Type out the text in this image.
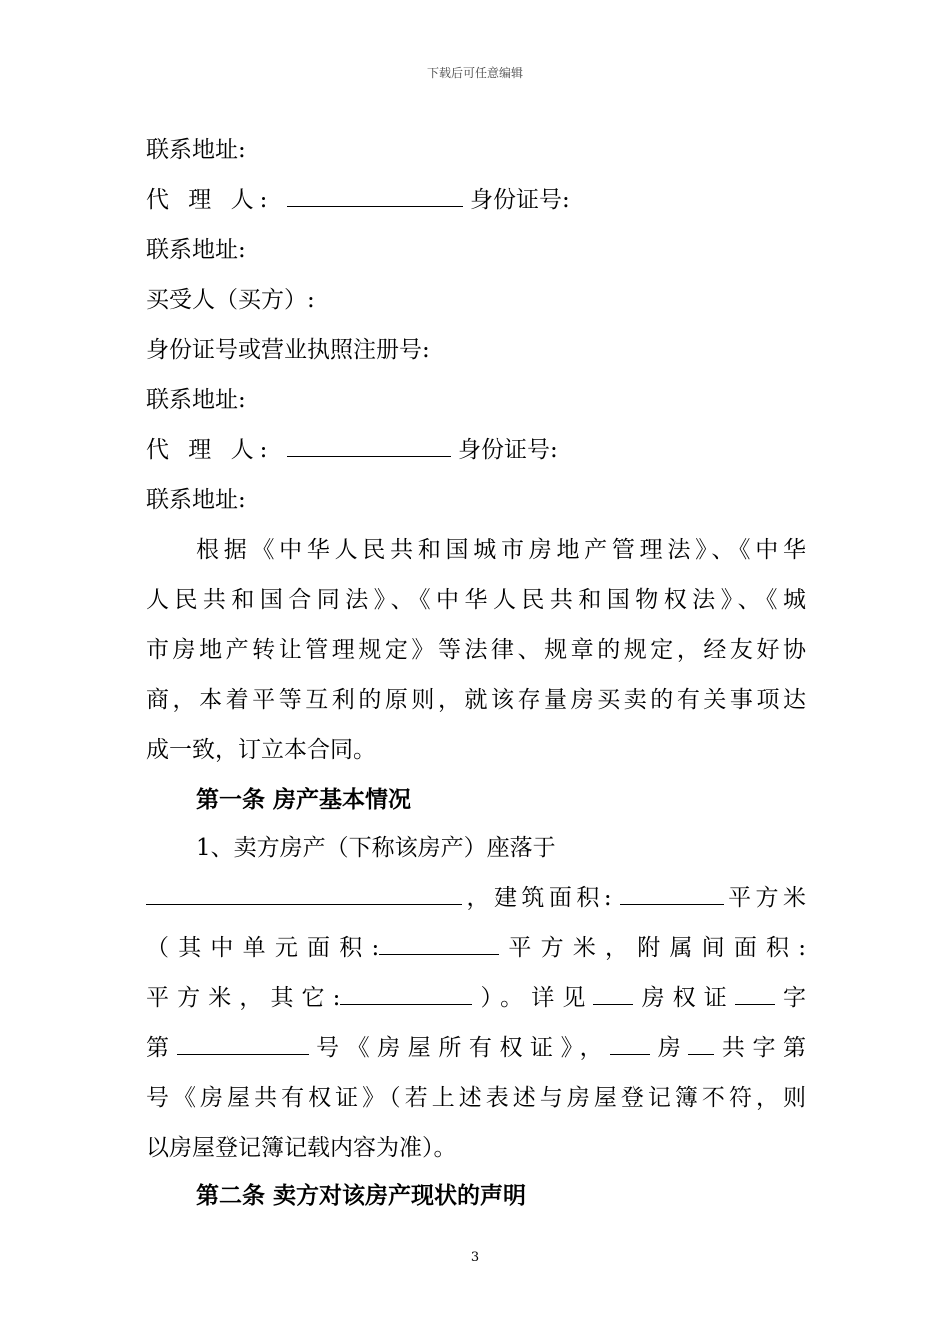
下载后可任意编辑
联系地址:
代 理 人:	身份证号:
联系地址:
买受人（买方）:
身份证号或营业执照注册号:
联系地址:
代 理 人:	身份证号:
联系地址:
根据《中华人民共和国城市房地产管理法》、《中华
人民共和国合同法》、《中华人民共和国物权法》、《城
市房地产转让管理规定》等法律、规章的规定，经友好协
商，本着平等互利的原则，就该存量房买卖的有关事项达
成一致，订立本合同。
第一条 房产基本情况
1、卖方房产（下称该房产）座落于
，建筑面积:	平方米
（其中单元面积:	平方米，附属间面积:
平方米，其它:	）。详见 房权证 字
第	号《房屋所有权证》， 房 共字第
号《房屋共有权证》（若上述表述与房屋登记簿不符，则
以房屋登记簿记载内容为准）。
第二条 卖方对该房产现状的声明
3
